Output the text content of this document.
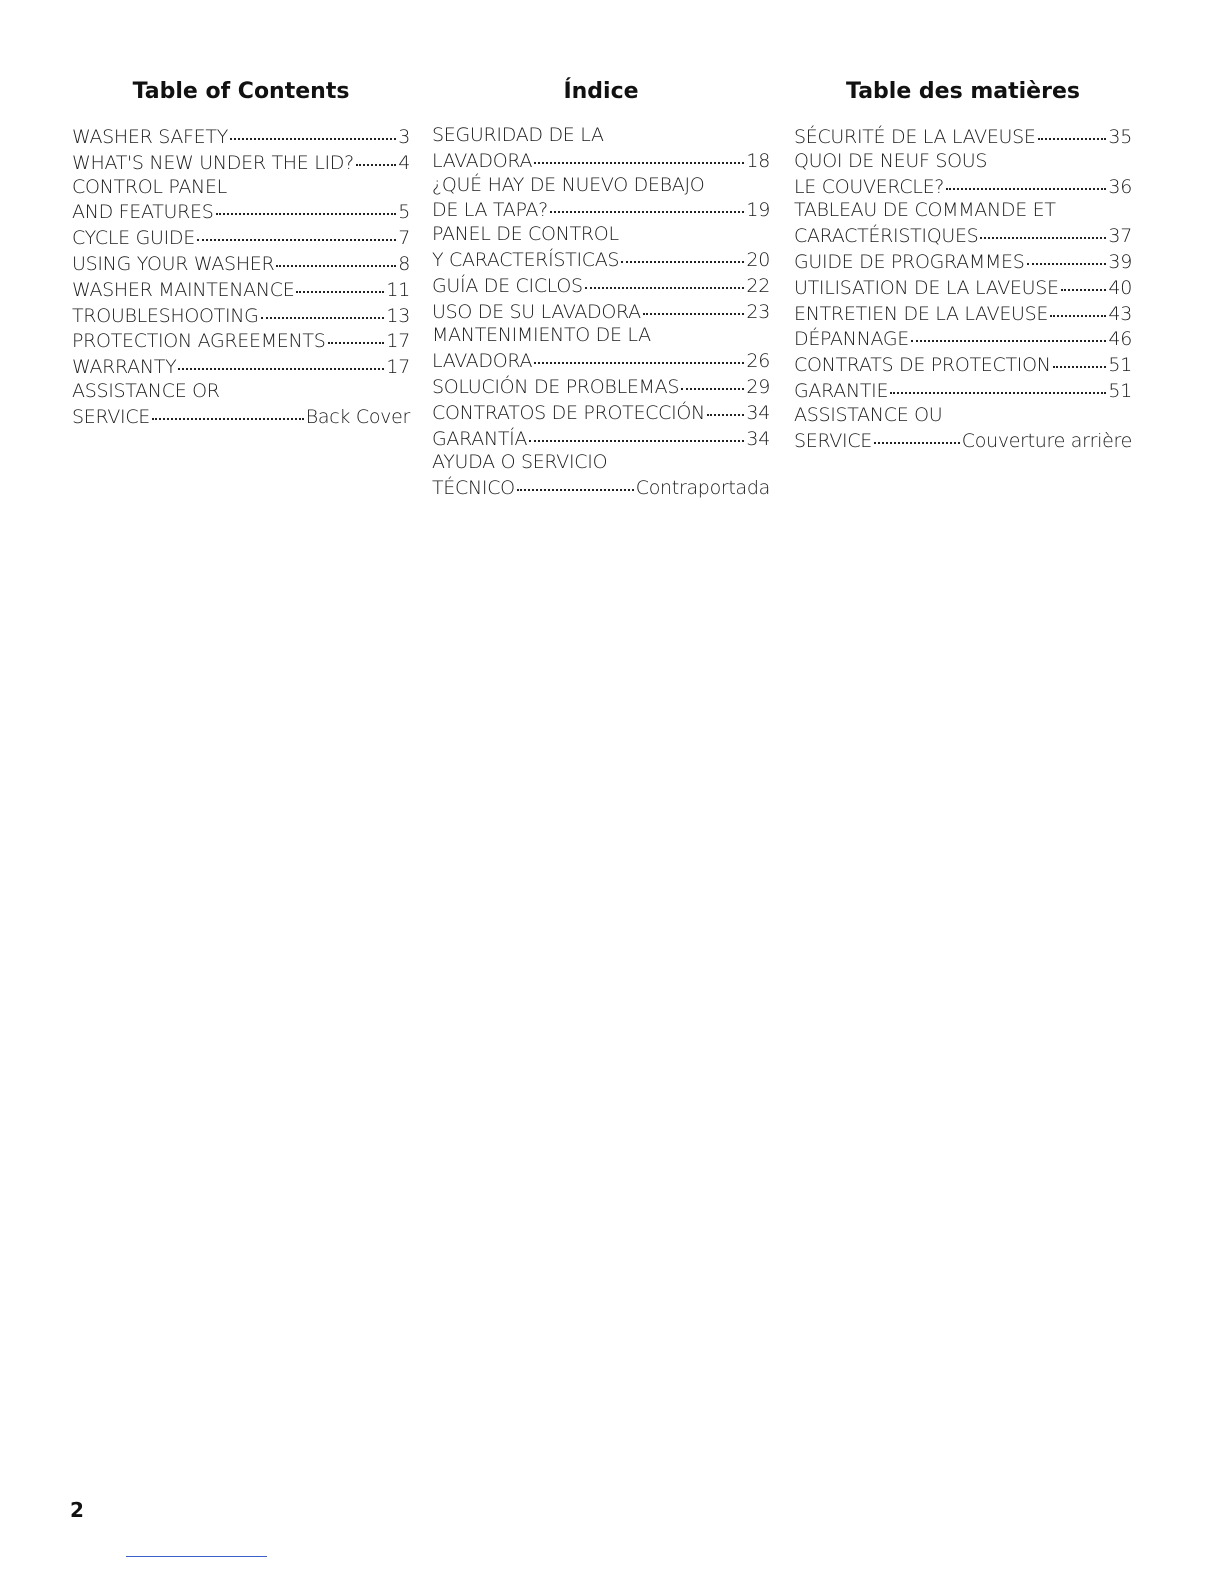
Table of Contents
WASHER SAFETY	3
WHAT'S NEW UNDER THE LID? 4
CONTROL PANEL
AND FEATURES	5
CYCLE GUIDE	7
USING YOUR WASHER	8
WASHER MAINTENANCE	11
TROUBLESHOOTING	13
PROTECTION AGREEMENTS	17
WARRANTY	17
ASSISTANCE OR
SERVICE	Back Cover
Índice
SEGURIDAD DE LA
LAVADORA	18
¿QUÉ HAY DE NUEVO DEBAJO
DE LA TAPA?	19
PANEL DE CONTROL
Y CARACTERÍSTICAS	20
GUÍA DE CICLOS	22
USO DE SU LAVADORA	23
MANTENIMIENTO DE LA
LAVADORA	26
SOLUCIÓN DE PROBLEMAS	29
CONTRATOS DE PROTECCIÓN 34
GARANTÍA	34
AYUDA O SERVICIO
TÉCNICO	Contraportada
Table des matières
SÉCURITÉ DE LA LAVEUSE	35
QUOI DE NEUF SOUS
LE COUVERCLE?	36
TABLEAU DE COMMANDE ET
CARACTÉRISTIQUES	37
GUIDE DE PROGRAMMES	39
UTILISATION DE LA LAVEUSE	40
ENTRETIEN DE LA LAVEUSE	43
DÉPANNAGE	46
CONTRATS DE PROTECTION	51
GARANTIE	51
ASSISTANCE OU
SERVICE	Couverture arrière
2
